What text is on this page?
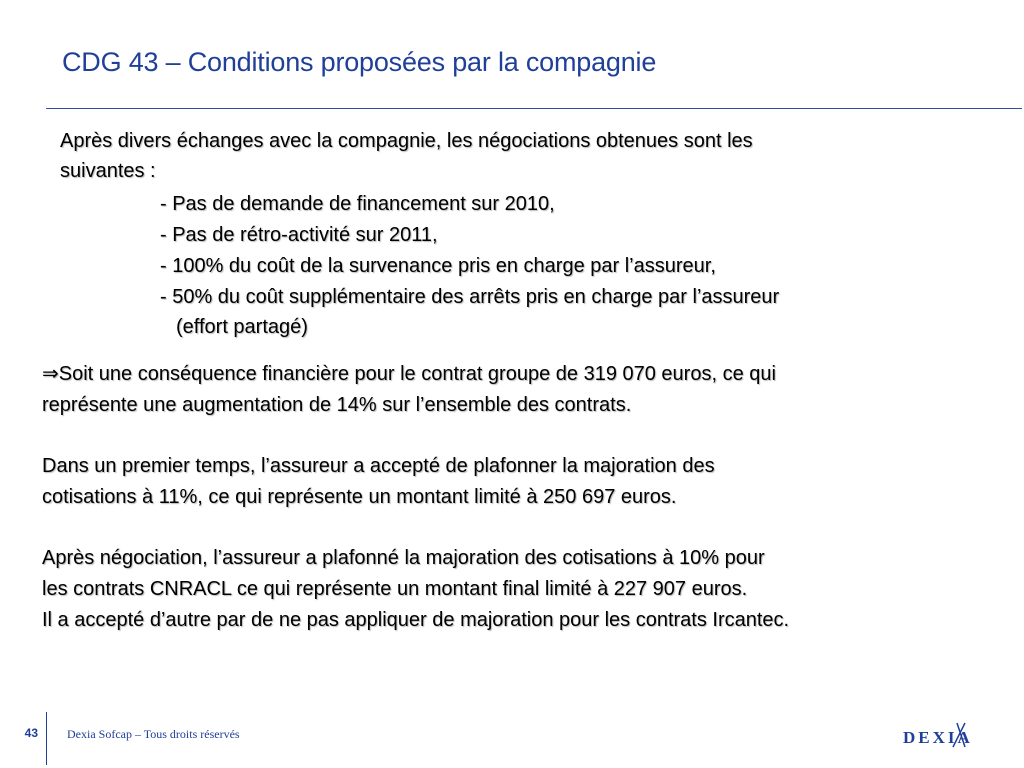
CDG 43 – Conditions proposées par la compagnie
Après divers échanges avec la compagnie, les négociations obtenues sont les
suivantes :
- Pas de demande de financement sur 2010,
- Pas de rétro-activité sur 2011,
- 100% du coût de la survenance pris en charge par l’assureur,
- 50% du coût supplémentaire des arrêts pris en charge par l’assureur
(effort partagé)
⇒Soit une conséquence financière pour le contrat groupe de 319 070 euros, ce qui
représente une augmentation de 14% sur l’ensemble des contrats.
Dans un premier temps, l’assureur a accepté de plafonner la majoration des
cotisations à 11%, ce qui représente un montant limité à 250 697 euros.
Après négociation, l’assureur a plafonné la majoration des cotisations à 10% pour
les contrats CNRACL ce qui représente un montant final limité à 227 907 euros.
Il a accepté d’autre par de ne pas appliquer de majoration pour les contrats Ircantec.
43 Dexia Sofcap – Tous droits réservés	DEXIA
